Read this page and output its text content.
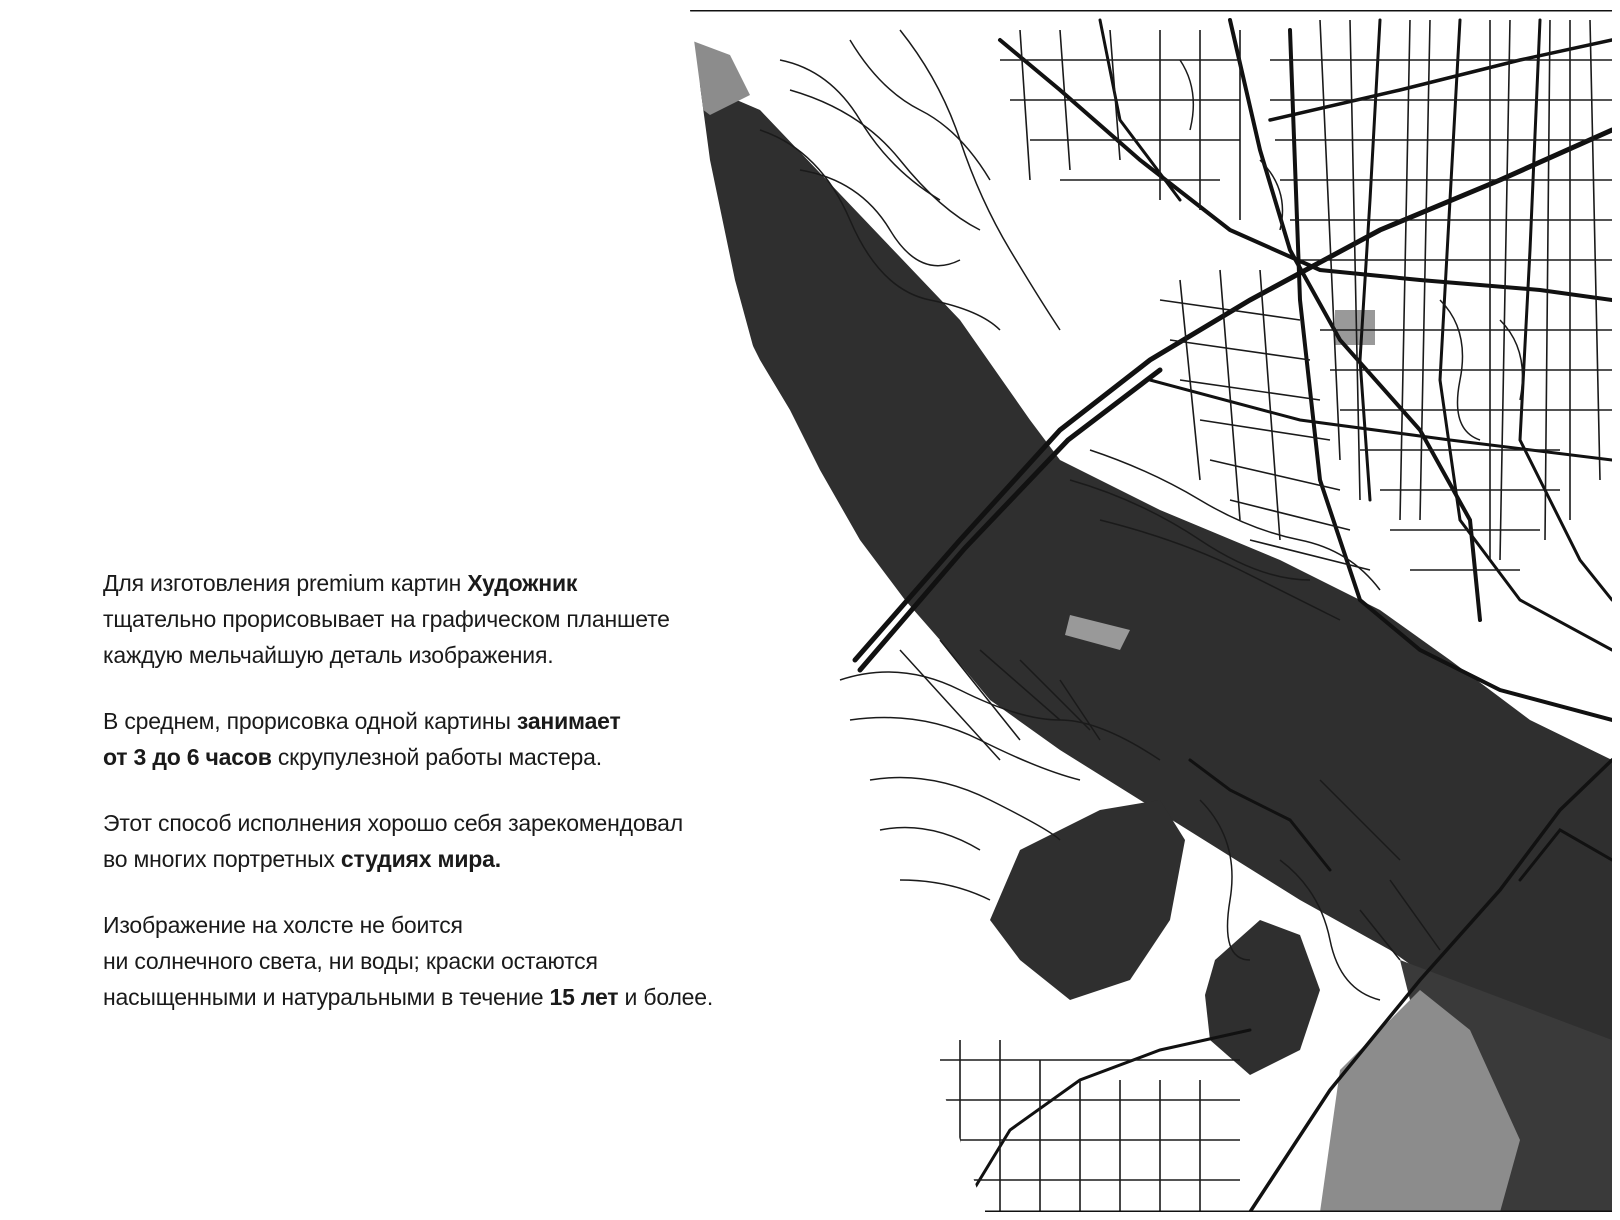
Для изготовления premium картин Художник
тщательно прорисовывает на графическом планшете
каждую мельчайшую деталь изображения.

В среднем, прорисовка одной картины занимает
от 3 до 6 часов скрупулезной работы мастера.

Этот способ исполнения хорошо себя зарекомендовал
во многих портретных студиях мира.

Изображение на холсте не боится
ни солнечного света, ни воды; краски остаются
насыщенными и натуральными в течение 15 лет и более.
